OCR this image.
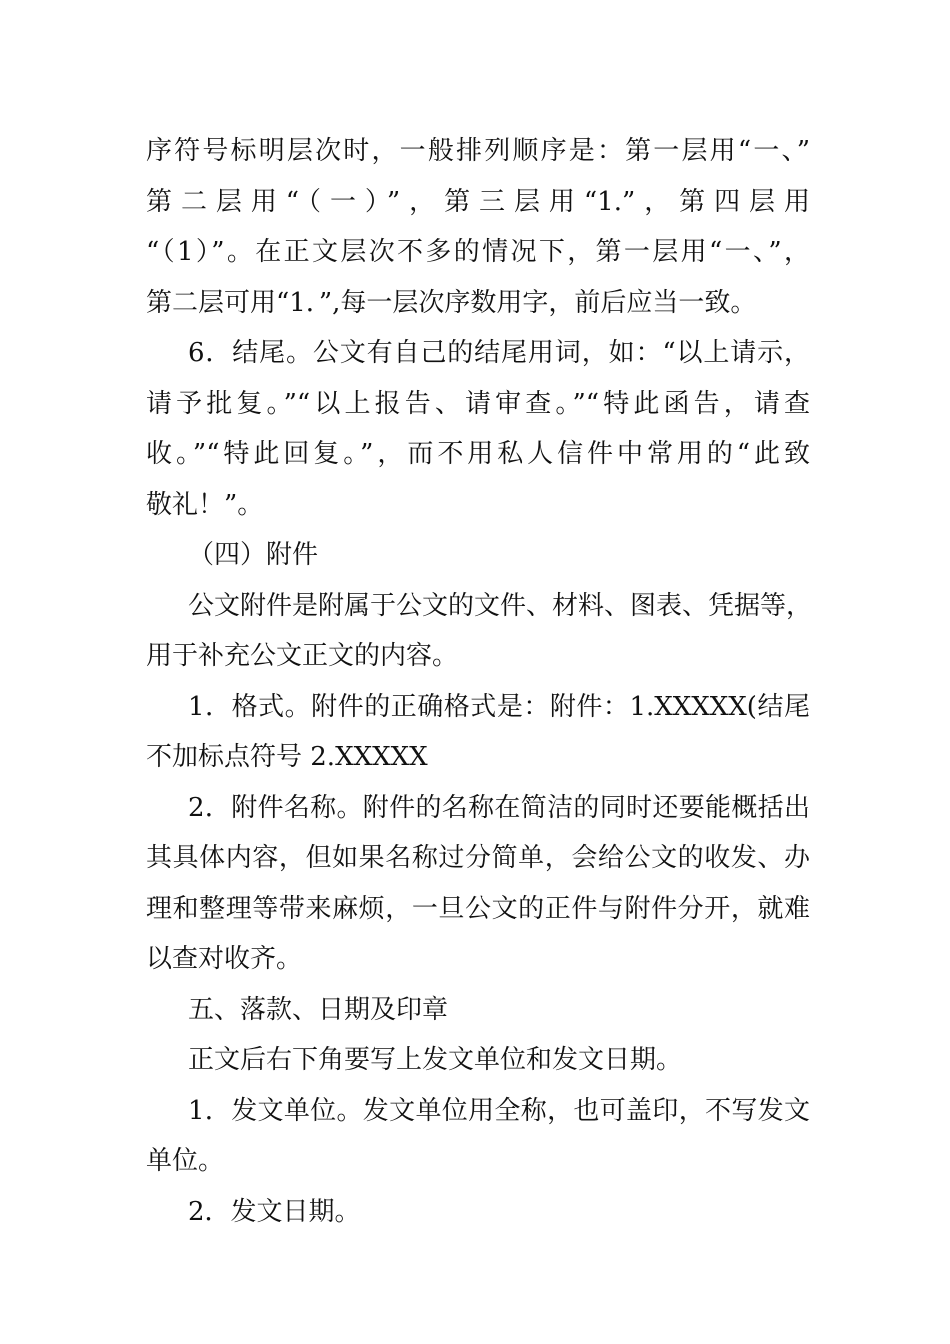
序符号标明层次时，一般排列顺序是：第一层用“一、”

第二层用“（一）”，第三层用“1.”，第四层用

“（1）”。在正文层次不多的情况下，第一层用“一、”，

第二层可用“1．”,每一层次序数用字，前后应当一致。

6．结尾。公文有自己的结尾用词，如：“以上请示，

请予批复。”“以上报告、请审查。”“特此函告，请查

收。”“特此回复。”，而不用私人信件中常用的“此致

敬礼！”。

（四）附件

公文附件是附属于公文的文件、材料、图表、凭据等，

用于补充公文正文的内容。

1．格式。附件的正确格式是：附件：1.XXXXX(结尾

不加标点符号 2.XXXXX

2．附件名称。附件的名称在简洁的同时还要能概括出

其具体内容，但如果名称过分简单，会给公文的收发、办

理和整理等带来麻烦，一旦公文的正件与附件分开，就难

以查对收齐。

五、落款、日期及印章

正文后右下角要写上发文单位和发文日期。

1．发文单位。发文单位用全称，也可盖印，不写发文

单位。

2．发文日期。
